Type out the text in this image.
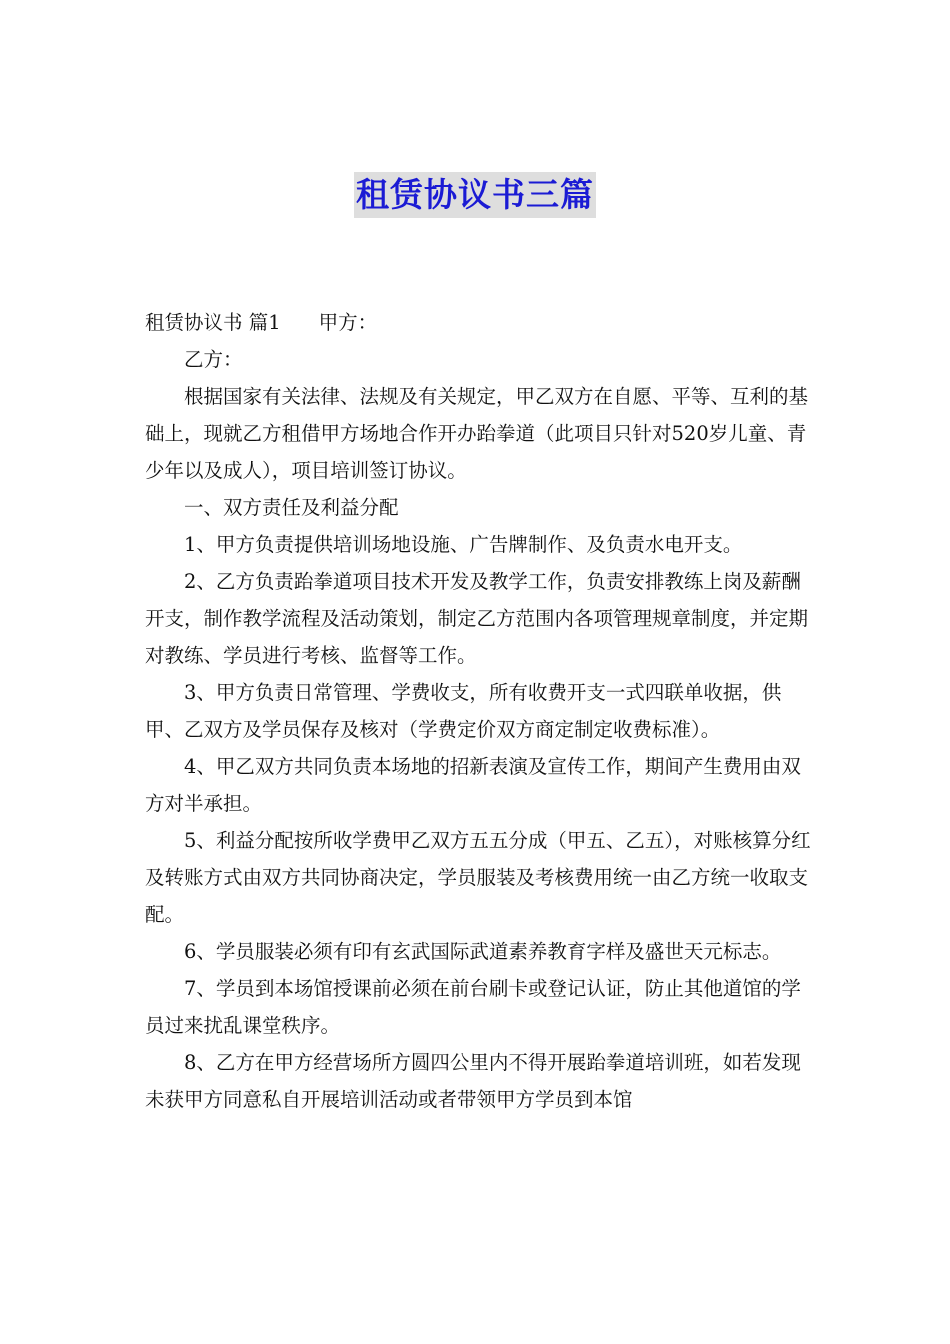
租赁协议书三篇

租赁协议书 篇1 甲方：

乙方：

根据国家有关法律、法规及有关规定，甲乙双方在自愿、平等、互利的基础上，现就乙方租借甲方场地合作开办跆拳道（此项目只针对520岁儿童、青少年以及成人），项目培训签订协议。

一、双方责任及利益分配

1、甲方负责提供培训场地设施、广告牌制作、及负责水电开支。

2、乙方负责跆拳道项目技术开发及教学工作，负责安排教练上岗及薪酬开支，制作教学流程及活动策划，制定乙方范围内各项管理规章制度，并定期对教练、学员进行考核、监督等工作。

3、甲方负责日常管理、学费收支，所有收费开支一式四联单收据，供甲、乙双方及学员保存及核对（学费定价双方商定制定收费标准）。

4、甲乙双方共同负责本场地的招新表演及宣传工作，期间产生费用由双方对半承担。

5、利益分配按所收学费甲乙双方五五分成（甲五、乙五），对账核算分红及转账方式由双方共同协商决定，学员服装及考核费用统一由乙方统一收取支配。

6、学员服装必须有印有玄武国际武道素养教育字样及盛世天元标志。

7、学员到本场馆授课前必须在前台刷卡或登记认证，防止其他道馆的学员过来扰乱课堂秩序。

8、乙方在甲方经营场所方圆四公里内不得开展跆拳道培训班，如若发现未获甲方同意私自开展培训活动或者带领甲方学员到本馆
